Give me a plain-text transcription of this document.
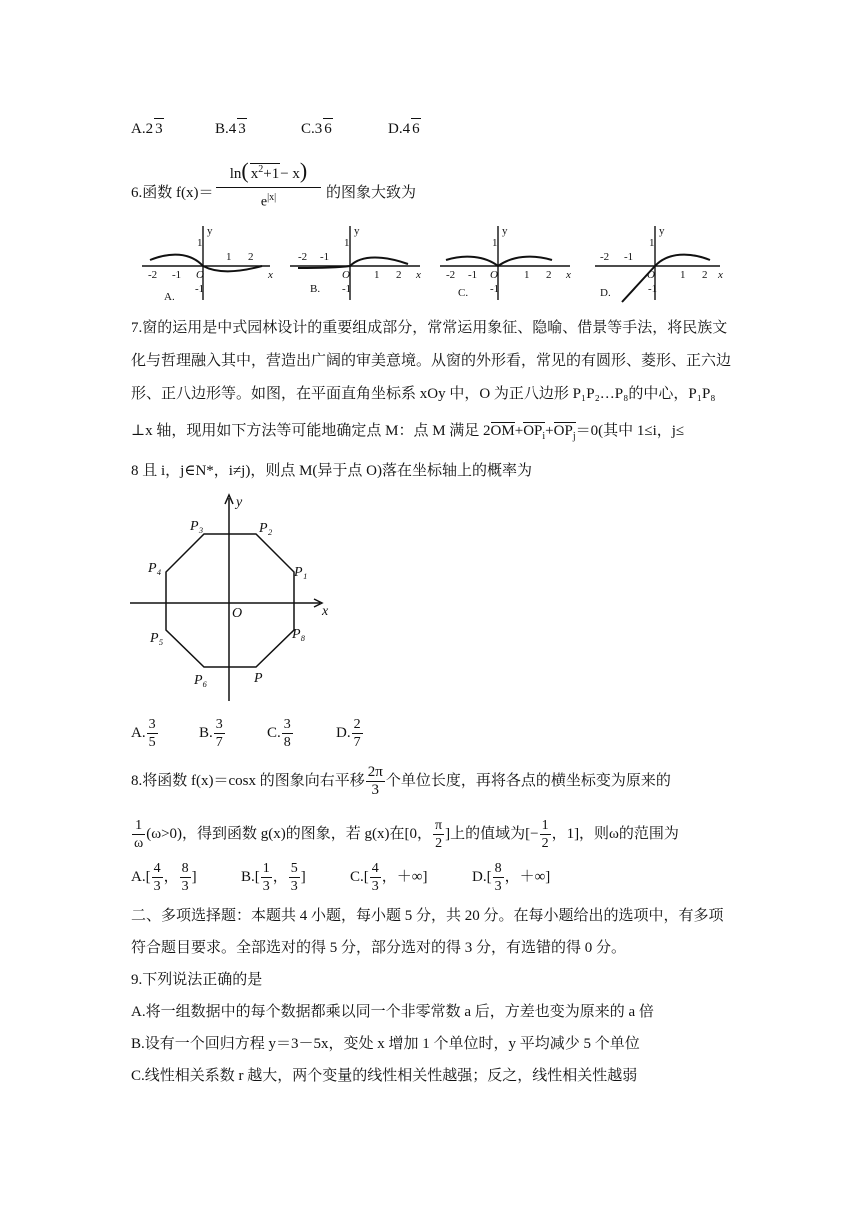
A.2 3	B.4 3	C.3 6	D.4 6
6.函数 f(x)＝
ln( $x^2+1- x$)
$e^{|x|}$	的图象大致为
y
1
-2 -1 O
1 2
x
-1
A.
y
1
-2 -1
O 1 2 x
-1
B.
y
1
-2 -1 O 1 2 x
-1
C.
y
1
-2 -1
O 1 2 x
-1
D.
7.窗的运用是中式园林设计的重要组成部分，常常运用象征、隐喻、借景等手法，将民族文
化与哲理融入其中，营造出广阔的审美意境。从窗的外形看，常见的有圆形、菱形、正六边
形、正八边形等。如图，在平面直角坐标系 xOy 中，O 为正八边形 P₁P₂…P₈的中心，P₁P₈
⊥x 轴，现用如下方法等可能地确定点 M：点 M 满足 $2OM+OP_i+OP_j=0$(其中 1≤i，j≤
8 且 i，j∈N*，i≠j)，则点 M(异于点 O)落在坐标轴上的概率为
y
x
O
P₁
P₂
P₃
P₄
P₅
P₆	P
P₈
A. $\frac{3}{5}$	B. $\frac{3}{7}$	C. $\frac{3}{8}$	D. $\frac{2}{7}$
8.将函数 f(x)＝cosx 的图象向右平移 $\frac{2\pi}{3}$ 个单位长度，再将各点的横坐标变为原来的
$\frac{1}{\omega} (\omega>0)$，得到函数 g(x)的图象，若 g(x)在[0， $\frac{\pi}{2}$ ]上的值域为[− $\frac{1}{2}$ ，1]，则ω的范围为
$A.[ \frac{4}{3}$ ， $\frac{8}{3}$ ]	$B.[ \frac{1}{3}$ ， $\frac{5}{3}$ ]	$C.[ \frac{4}{3}$ ，＋∞]	$D.[ \frac{8}{3}$ ，＋∞]
二、多项选择题：本题共 4 小题，每小题 5 分，共 20 分。在每小题给出的选项中，有多项
符合题目要求。全部选对的得 5 分，部分选对的得 3 分，有选错的得 0 分。
9.下列说法正确的是
A.将一组数据中的每个数据都乘以同一个非零常数 a 后，方差也变为原来的 a 倍
B.设有一个回归方程 y＝3－5x，变处 x 增加 1 个单位时，y 平均减少 5 个单位
C.线性相关系数 r 越大，两个变量的线性相关性越强；反之，线性相关性越弱
